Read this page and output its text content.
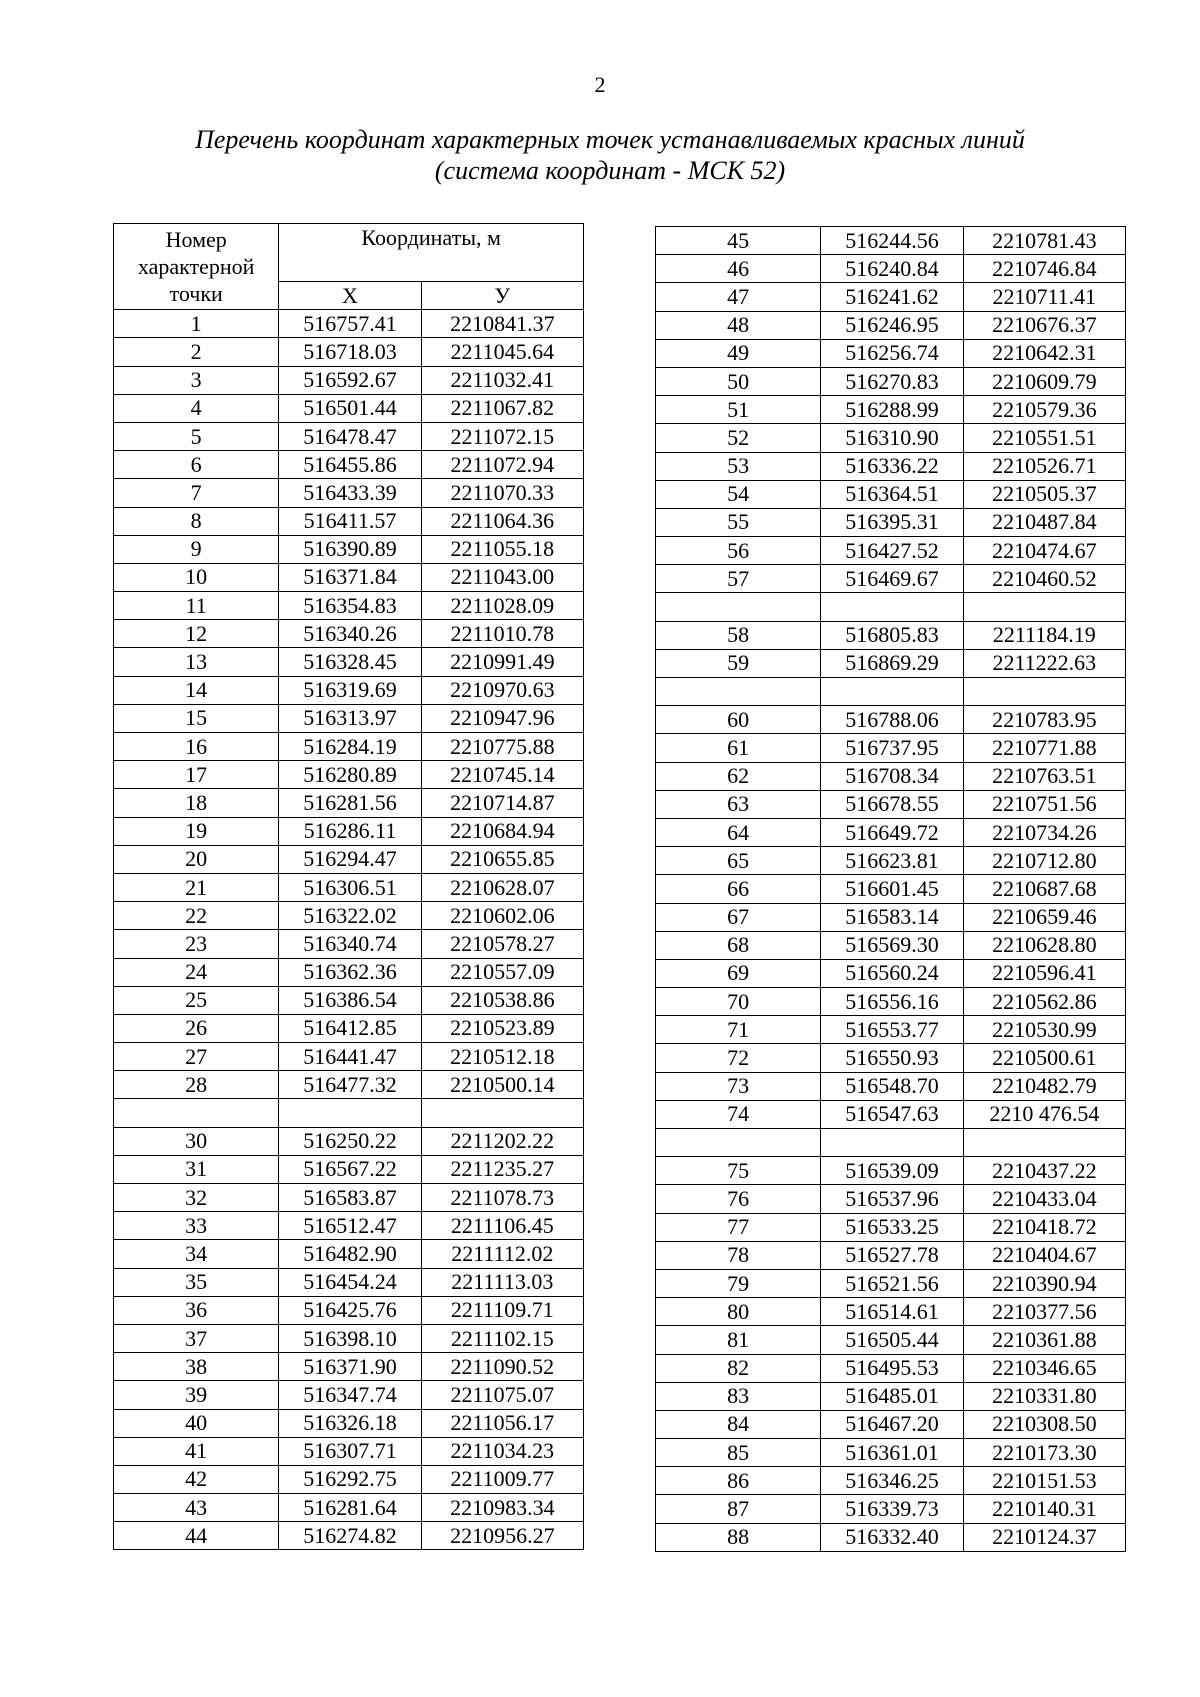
2
Перечень координат характерных точек устанавливаемых красных линий
(система координат - МСК 52)
Номер
характерной
точки	Координаты, м	
	X	У
1	516757.41	2210841.37
2	516718.03	2211045.64
3	516592.67	2211032.41
4	516501.44	2211067.82
5	516478.47	2211072.15
6	516455.86	2211072.94
7	516433.39	2211070.33
8	516411.57	2211064.36
9	516390.89	2211055.18
10	516371.84	2211043.00
11	516354.83	2211028.09
12	516340.26	2211010.78
13	516328.45	2210991.49
14	516319.69	2210970.63
15	516313.97	2210947.96
16	516284.19	2210775.88
17	516280.89	2210745.14
18	516281.56	2210714.87
19	516286.11	2210684.94
20	516294.47	2210655.85
21	516306.51	2210628.07
22	516322.02	2210602.06
23	516340.74	2210578.27
24	516362.36	2210557.09
25	516386.54	2210538.86
26	516412.85	2210523.89
27	516441.47	2210512.18
28	516477.32	2210500.14

30	516250.22	2211202.22
31	516567.22	2211235.27
32	516583.87	2211078.73
33	516512.47	2211106.45
34	516482.90	2211112.02
35	516454.24	2211113.03
36	516425.76	2211109.71
37	516398.10	2211102.15
38	516371.90	2211090.52
39	516347.74	2211075.07
40	516326.18	2211056.17
41	516307.71	2211034.23
42	516292.75	2211009.77
43	516281.64	2210983.34
44	516274.82	2210956.27
45	516244.56	2210781.43
46	516240.84	2210746.84
47	516241.62	2210711.41
48	516246.95	2210676.37
49	516256.74	2210642.31
50	516270.83	2210609.79
51	516288.99	2210579.36
52	516310.90	2210551.51
53	516336.22	2210526.71
54	516364.51	2210505.37
55	516395.31	2210487.84
56	516427.52	2210474.67
57	516469.67	2210460.52

58	516805.83	2211184.19
59	516869.29	2211222.63

60	516788.06	2210783.95
61	516737.95	2210771.88
62	516708.34	2210763.51
63	516678.55	2210751.56
64	516649.72	2210734.26
65	516623.81	2210712.80
66	516601.45	2210687.68
67	516583.14	2210659.46
68	516569.30	2210628.80
69	516560.24	2210596.41
70	516556.16	2210562.86
71	516553.77	2210530.99
72	516550.93	2210500.61
73	516548.70	2210482.79
74	516547.63	2210 476.54

75	516539.09	2210437.22
76	516537.96	2210433.04
77	516533.25	2210418.72
78	516527.78	2210404.67
79	516521.56	2210390.94
80	516514.61	2210377.56
81	516505.44	2210361.88
82	516495.53	2210346.65
83	516485.01	2210331.80
84	516467.20	2210308.50
85	516361.01	2210173.30
86	516346.25	2210151.53
87	516339.73	2210140.31
88	516332.40	2210124.37
